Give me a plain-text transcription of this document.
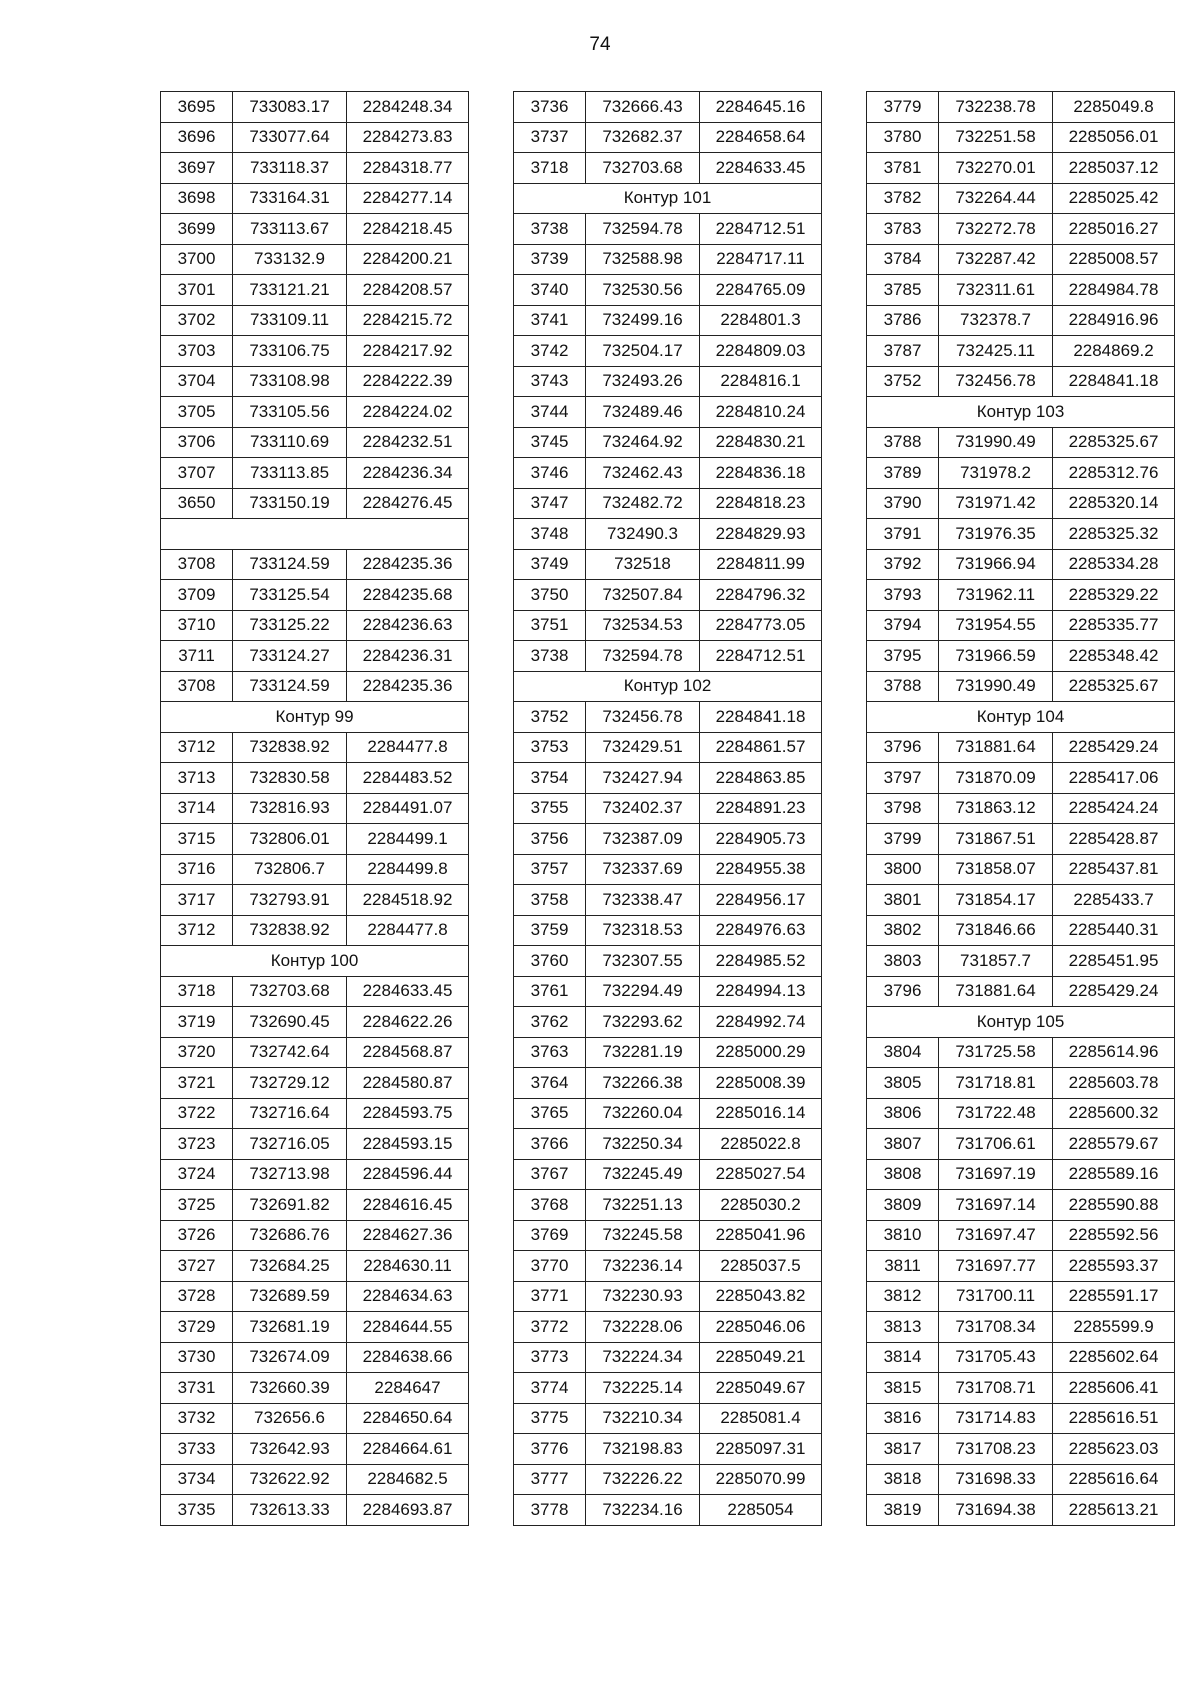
74
3695	733083.17	2284248.34
3696	733077.64	2284273.83
3697	733118.37	2284318.77
3698	733164.31	2284277.14
3699	733113.67	2284218.45
3700	733132.9	2284200.21
3701	733121.21	2284208.57
3702	733109.11	2284215.72
3703	733106.75	2284217.92
3704	733108.98	2284222.39
3705	733105.56	2284224.02
3706	733110.69	2284232.51
3707	733113.85	2284236.34
3650	733150.19	2284276.45

3708	733124.59	2284235.36
3709	733125.54	2284235.68
3710	733125.22	2284236.63
3711	733124.27	2284236.31
3708	733124.59	2284235.36
Контур 99		
3712	732838.92	2284477.8
3713	732830.58	2284483.52
3714	732816.93	2284491.07
3715	732806.01	2284499.1
3716	732806.7	2284499.8
3717	732793.91	2284518.92
3712	732838.92	2284477.8
Контур 100		
3718	732703.68	2284633.45
3719	732690.45	2284622.26
3720	732742.64	2284568.87
3721	732729.12	2284580.87
3722	732716.64	2284593.75
3723	732716.05	2284593.15
3724	732713.98	2284596.44
3725	732691.82	2284616.45
3726	732686.76	2284627.36
3727	732684.25	2284630.11
3728	732689.59	2284634.63
3729	732681.19	2284644.55
3730	732674.09	2284638.66
3731	732660.39	2284647
3732	732656.6	2284650.64
3733	732642.93	2284664.61
3734	732622.92	2284682.5
3735	732613.33	2284693.87
3736	732666.43	2284645.16
3737	732682.37	2284658.64
3718	732703.68	2284633.45
Контур 101		
3738	732594.78	2284712.51
3739	732588.98	2284717.11
3740	732530.56	2284765.09
3741	732499.16	2284801.3
3742	732504.17	2284809.03
3743	732493.26	2284816.1
3744	732489.46	2284810.24
3745	732464.92	2284830.21
3746	732462.43	2284836.18
3747	732482.72	2284818.23
3748	732490.3	2284829.93
3749	732518	2284811.99
3750	732507.84	2284796.32
3751	732534.53	2284773.05
3738	732594.78	2284712.51
Контур 102		
3752	732456.78	2284841.18
3753	732429.51	2284861.57
3754	732427.94	2284863.85
3755	732402.37	2284891.23
3756	732387.09	2284905.73
3757	732337.69	2284955.38
3758	732338.47	2284956.17
3759	732318.53	2284976.63
3760	732307.55	2284985.52
3761	732294.49	2284994.13
3762	732293.62	2284992.74
3763	732281.19	2285000.29
3764	732266.38	2285008.39
3765	732260.04	2285016.14
3766	732250.34	2285022.8
3767	732245.49	2285027.54
3768	732251.13	2285030.2
3769	732245.58	2285041.96
3770	732236.14	2285037.5
3771	732230.93	2285043.82
3772	732228.06	2285046.06
3773	732224.34	2285049.21
3774	732225.14	2285049.67
3775	732210.34	2285081.4
3776	732198.83	2285097.31
3777	732226.22	2285070.99
3778	732234.16	2285054
3779	732238.78	2285049.8
3780	732251.58	2285056.01
3781	732270.01	2285037.12
3782	732264.44	2285025.42
3783	732272.78	2285016.27
3784	732287.42	2285008.57
3785	732311.61	2284984.78
3786	732378.7	2284916.96
3787	732425.11	2284869.2
3752	732456.78	2284841.18
Контур 103		
3788	731990.49	2285325.67
3789	731978.2	2285312.76
3790	731971.42	2285320.14
3791	731976.35	2285325.32
3792	731966.94	2285334.28
3793	731962.11	2285329.22
3794	731954.55	2285335.77
3795	731966.59	2285348.42
3788	731990.49	2285325.67
Контур 104		
3796	731881.64	2285429.24
3797	731870.09	2285417.06
3798	731863.12	2285424.24
3799	731867.51	2285428.87
3800	731858.07	2285437.81
3801	731854.17	2285433.7
3802	731846.66	2285440.31
3803	731857.7	2285451.95
3796	731881.64	2285429.24
Контур 105		
3804	731725.58	2285614.96
3805	731718.81	2285603.78
3806	731722.48	2285600.32
3807	731706.61	2285579.67
3808	731697.19	2285589.16
3809	731697.14	2285590.88
3810	731697.47	2285592.56
3811	731697.77	2285593.37
3812	731700.11	2285591.17
3813	731708.34	2285599.9
3814	731705.43	2285602.64
3815	731708.71	2285606.41
3816	731714.83	2285616.51
3817	731708.23	2285623.03
3818	731698.33	2285616.64
3819	731694.38	2285613.21
